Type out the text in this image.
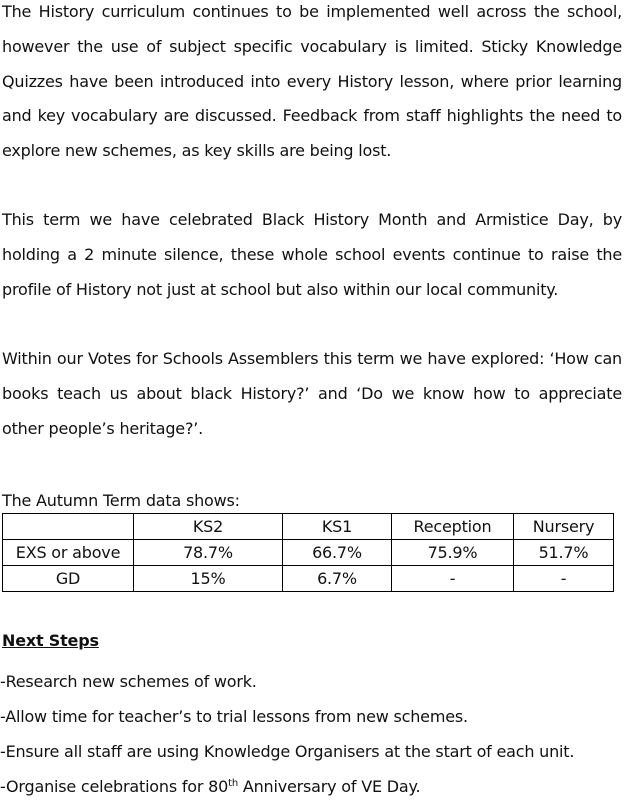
The History curriculum continues to be implemented well across the school, however the use of subject specific vocabulary is limited. Sticky Knowledge Quizzes have been introduced into every History lesson, where prior learning and key vocabulary are discussed. Feedback from staff highlights the need to explore new schemes, as key skills are being lost.
This term we have celebrated Black History Month and Armistice Day, by holding a 2 minute silence, these whole school events continue to raise the profile of History not just at school but also within our local community.
Within our Votes for Schools Assemblers this term we have explored: ‘How can books teach us about black History?’ and ‘Do we know how to appreciate other people’s heritage?’.
The Autumn Term data shows:
	KS2	KS1	Reception	Nursery
EXS or above	78.7%	66.7%	75.9%	51.7%
GD	15%	6.7%	-	-
Next Steps
-Research new schemes of work.
-Allow time for teacher’s to trial lessons from new schemes.
-Ensure all staff are using Knowledge Organisers at the start of each unit.
-Organise celebrations for 80th Anniversary of VE Day.
